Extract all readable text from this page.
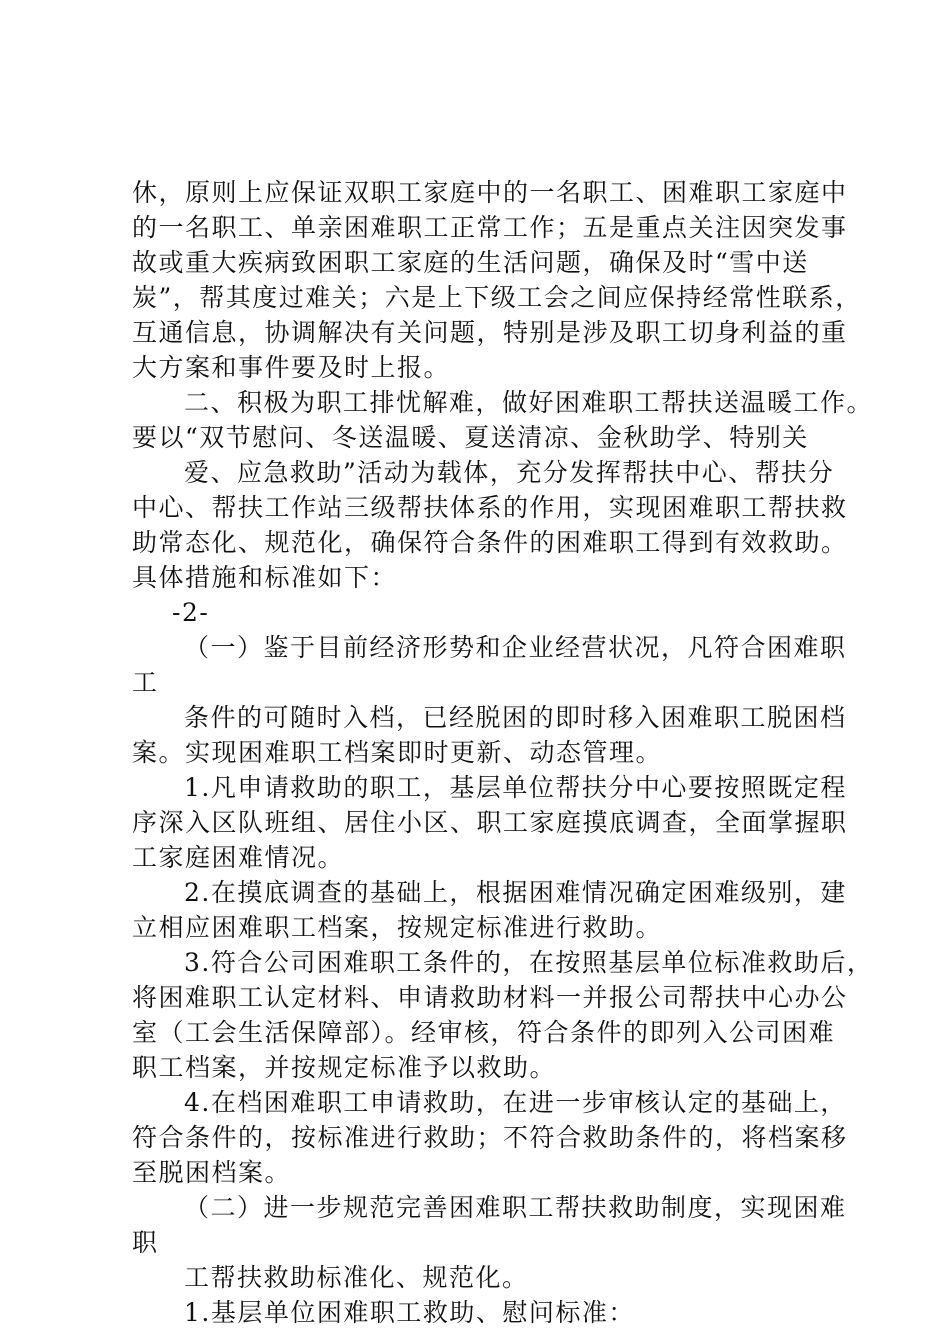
休，原则上应保证双职工家庭中的一名职工、困难职工家庭中
的一名职工、单亲困难职工正常工作；五是重点关注因突发事
故或重大疾病致困职工家庭的生活问题，确保及时“雪中送
炭”，帮其度过难关；六是上下级工会之间应保持经常性联系，
互通信息，协调解决有关问题，特别是涉及职工切身利益的重
大方案和事件要及时上报。
二、积极为职工排忧解难，做好困难职工帮扶送温暖工作。
要以“双节慰问、冬送温暖、夏送清凉、金秋助学、特别关
爱、应急救助”活动为载体，充分发挥帮扶中心、帮扶分
中心、帮扶工作站三级帮扶体系的作用，实现困难职工帮扶救
助常态化、规范化，确保符合条件的困难职工得到有效救助。
具体措施和标准如下：
-2-
（一）鉴于目前经济形势和企业经营状况，凡符合困难职
工
条件的可随时入档，已经脱困的即时移入困难职工脱困档
案。实现困难职工档案即时更新、动态管理。
1.凡申请救助的职工，基层单位帮扶分中心要按照既定程
序深入区队班组、居住小区、职工家庭摸底调查，全面掌握职
工家庭困难情况。
2.在摸底调查的基础上，根据困难情况确定困难级别，建
立相应困难职工档案，按规定标准进行救助。
3.符合公司困难职工条件的，在按照基层单位标准救助后，
将困难职工认定材料、申请救助材料一并报公司帮扶中心办公
室（工会生活保障部）。经审核，符合条件的即列入公司困难
职工档案，并按规定标准予以救助。
4.在档困难职工申请救助，在进一步审核认定的基础上，
符合条件的，按标准进行救助；不符合救助条件的，将档案移
至脱困档案。
（二）进一步规范完善困难职工帮扶救助制度，实现困难
职
工帮扶救助标准化、规范化。
1.基层单位困难职工救助、慰问标准：
